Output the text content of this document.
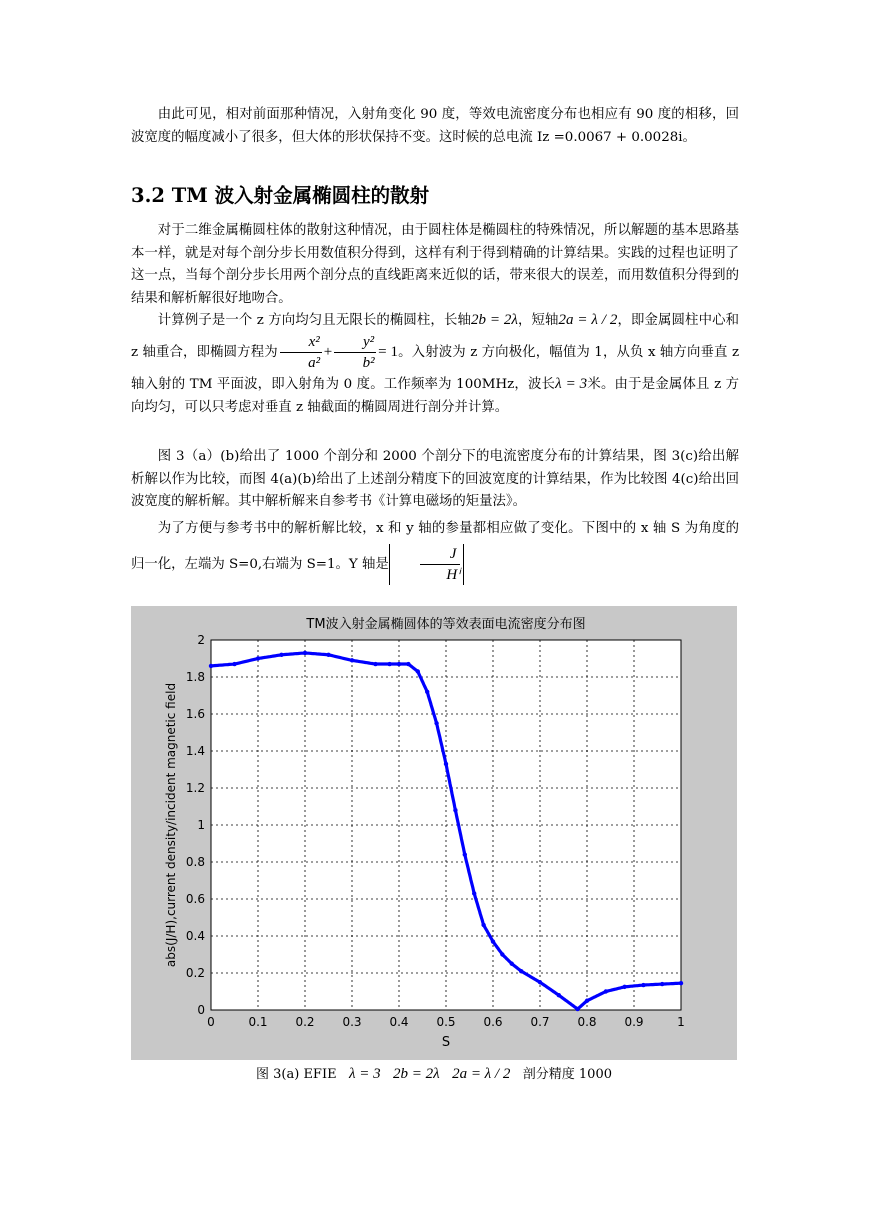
由此可见，相对前面那种情况，入射角变化 90 度，等效电流密度分布也相应有 90 度的相移，回波宽度的幅度减小了很多，但大体的形状保持不变。这时候的总电流 Iz =0.0067 + 0.0028i。
3.2 TM 波入射金属椭圆柱的散射
对于二维金属椭圆柱体的散射这种情况，由于圆柱体是椭圆柱的特殊情况，所以解题的基本思路基本一样，就是对每个剖分步长用数值积分得到，这样有利于得到精确的计算结果。实践的过程也证明了这一点，当每个剖分步长用两个剖分点的直线距离来近似的话，带来很大的误差，而用数值积分得到的结果和解析解很好地吻合。
计算例子是一个 z 方向均匀且无限长的椭圆柱，长轴2b = 2λ，短轴2a = λ / 2，即金属圆柱中心和 z 轴重合，即椭圆方程为 $\frac{\text{x²}}{\text{a²}} + \frac{\text{y²}}{\text{b²}} = 1$。入射波为 z 方向极化，幅值为 1，从负 x 轴方向垂直 z 轴入射的 TM 平面波，即入射角为 0 度。工作频率为 100MHz，波长λ = 3米。由于是金属体且 z 方向均匀，可以只考虑对垂直 z 轴截面的椭圆周进行剖分并计算。
图 3（a）(b)给出了 1000 个剖分和 2000 个剖分下的电流密度分布的计算结果，图 3(c)给出解析解以作为比较，而图 4(a)(b)给出了上述剖分精度下的回波宽度的计算结果，作为比较图 4(c)给出回波宽度的解析解。其中解析解来自参考书《计算电磁场的矩量法》。
为了方便与参考书中的解析解比较，x 和 y 轴的参量都相应做了变化。下图中的 x 轴 S 为角度的归一化，左端为 S=0,右端为 S=1。Y 轴是 $\frac{J}{\text{Hⁱ}}$
0	0.1 0.2 0.3 0.4 0.5 0.6 0.7 0.8 0.9	1
0
0.2
0.4
0.6
0.8
1
1.2
1.4
1.6
1.8
2
TM波入射金属椭圆体的等效表面电流密度分布图
S
abs(J/H),current density/incident magnetic field
图 3(a) EFIE λ = 3 2b = 2λ 2a = λ / 2 剖分精度 1000
